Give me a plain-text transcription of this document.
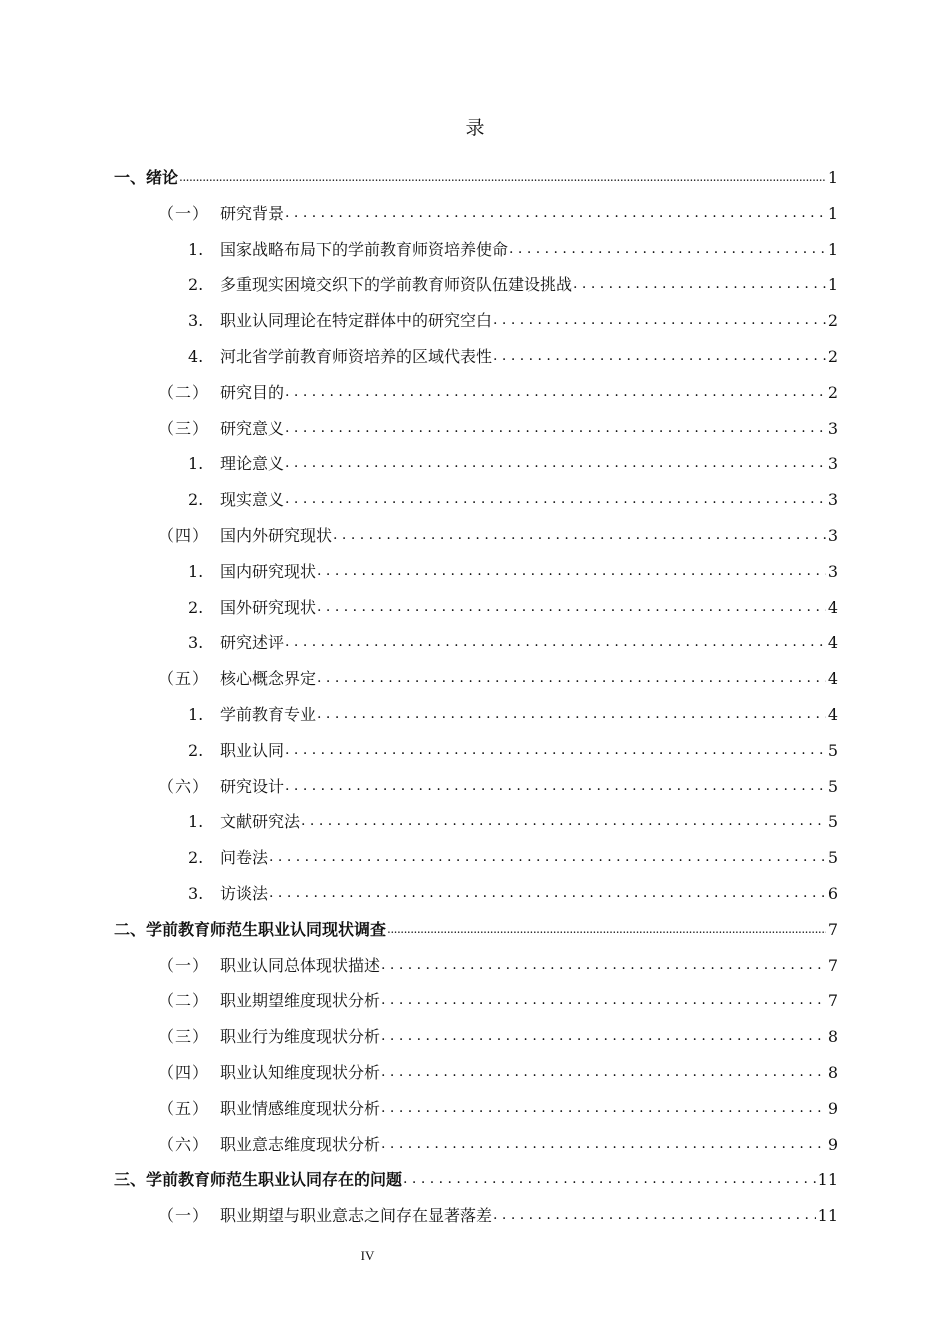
录
一、 绪论 .....	1
（一） 研究背景 . . .	1
1.	国家战略布局下的学前教育师资培养使命 . . .	1
2.	多重现实困境交织下的学前教育师资队伍建设挑战 . . .	1
3.	职业认同理论在特定群体中的研究空白 . . .	2
4.	河北省学前教育师资培养的区域代表性 . . .	2
（二） 研究目的 . . .	2
（三） 研究意义 . . .	3
1.	理论意义 . . .	3
2.	现实意义 . . .	3
（四） 国内外研究现状 . . .	3
1.	国内研究现状 . . .	3
2.	国外研究现状 . . .	4
3.	研究述评 . . .	4
（五） 核心概念界定 . . .	4
1.	学前教育专业 . . .	4
2.	职业认同 . . .	5
（六） 研究设计 . . .	5
1.	文献研究法 . . .	5
2.	问卷法 . . .	5
3.	访谈法 . . .	6
二、 学前教育师范生职业认同现状调查 .....	7
（一） 职业认同总体现状描述 . . .	7
（二） 职业期望维度现状分析 . . .	7
（三） 职业行为维度现状分析 . . .	8
（四） 职业认知维度现状分析 . . .	8
（五） 职业情感维度现状分析 . . .	9
（六） 职业意志维度现状分析 . . .	9
三、 学前教育师范生职业认同存在的问题 . . .	11
（一） 职业期望与职业意志之间存在显著落差 . . .	11
IV
